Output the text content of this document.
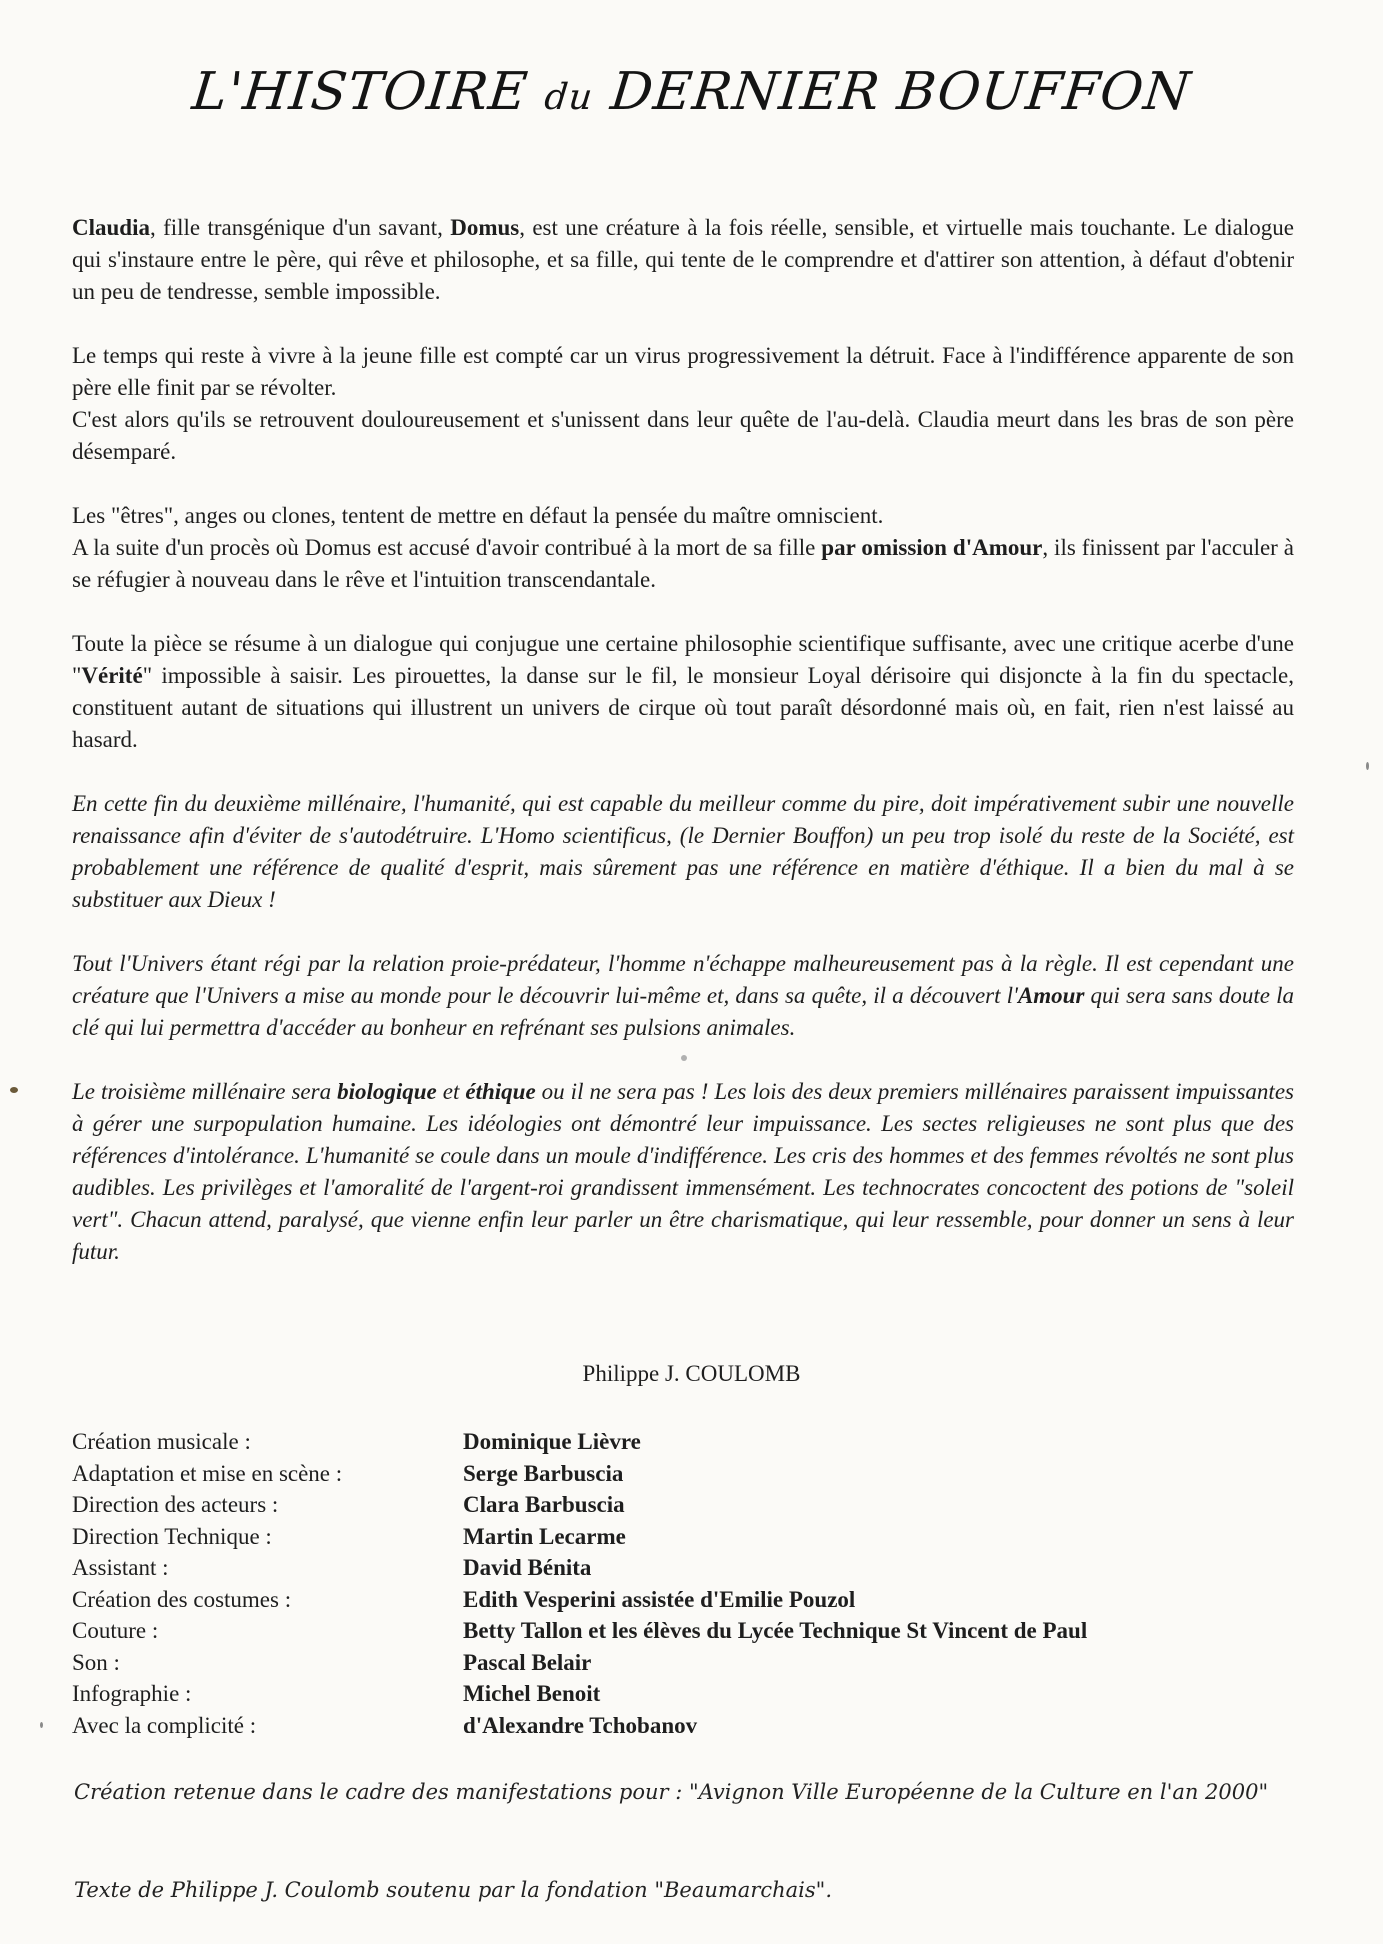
L'HISTOIRE du DERNIER BOUFFON

Claudia, fille transgénique d'un savant, Domus, est une créature à la fois réelle, sensible, et virtuelle mais touchante. Le dialogue qui s'instaure entre le père, qui rêve et philosophe, et sa fille, qui tente de le comprendre et d'attirer son attention, à défaut d'obtenir un peu de tendresse, semble impossible.

Le temps qui reste à vivre à la jeune fille est compté car un virus progressivement la détruit. Face à l'indifférence apparente de son père elle finit par se révolter.
C'est alors qu'ils se retrouvent douloureusement et s'unissent dans leur quête de l'au-delà. Claudia meurt dans les bras de son père désemparé.

Les "êtres", anges ou clones, tentent de mettre en défaut la pensée du maître omniscient.
A la suite d'un procès où Domus est accusé d'avoir contribué à la mort de sa fille par omission d'Amour, ils finissent par l'acculer à se réfugier à nouveau dans le rêve et l'intuition transcendantale.

Toute la pièce se résume à un dialogue qui conjugue une certaine philosophie scientifique suffisante, avec une critique acerbe d'une "Vérité" impossible à saisir. Les pirouettes, la danse sur le fil, le monsieur Loyal dérisoire qui disjoncte à la fin du spectacle, constituent autant de situations qui illustrent un univers de cirque où tout paraît désordonné mais où, en fait, rien n'est laissé au hasard.

En cette fin du deuxième millénaire, l'humanité, qui est capable du meilleur comme du pire, doit impérativement subir une nouvelle renaissance afin d'éviter de s'autodétruire. L'Homo scientificus, (le Dernier Bouffon) un peu trop isolé du reste de la Société, est probablement une référence de qualité d'esprit, mais sûrement pas une référence en matière d'éthique. Il a bien du mal à se substituer aux Dieux !

Tout l'Univers étant régi par la relation proie-prédateur, l'homme n'échappe malheureusement pas à la règle. Il est cependant une créature que l'Univers a mise au monde pour le découvrir lui-même et, dans sa quête, il a découvert l'Amour qui sera sans doute la clé qui lui permettra d'accéder au bonheur en refrénant ses pulsions animales.

Le troisième millénaire sera biologique et éthique ou il ne sera pas ! Les lois des deux premiers millénaires paraissent impuissantes à gérer une surpopulation humaine. Les idéologies ont démontré leur impuissance. Les sectes religieuses ne sont plus que des références d'intolérance. L'humanité se coule dans un moule d'indifférence. Les cris des hommes et des femmes révoltés ne sont plus audibles. Les privilèges et l'amoralité de l'argent-roi grandissent immensément. Les technocrates concoctent des potions de "soleil vert". Chacun attend, paralysé, que vienne enfin leur parler un être charismatique, qui leur ressemble, pour donner un sens à leur futur.

Philippe J. COULOMB
Création musicale :	Dominique Lièvre
Adaptation et mise en scène :	Serge Barbuscia
Direction des acteurs :	Clara Barbuscia
Direction Technique :	Martin Lecarme
Assistant :	David Bénita
Création des costumes :	Edith Vesperini assistée d'Emilie Pouzol
Couture :	Betty Tallon et les élèves du Lycée Technique St Vincent de Paul
Son :	Pascal Belair
Infographie :	Michel Benoit
Avec la complicité :	d'Alexandre Tchobanov
Création retenue dans le cadre des manifestations pour : "Avignon Ville Européenne de la Culture en l'an 2000"
Texte de Philippe J. Coulomb soutenu par la fondation "Beaumarchais".
